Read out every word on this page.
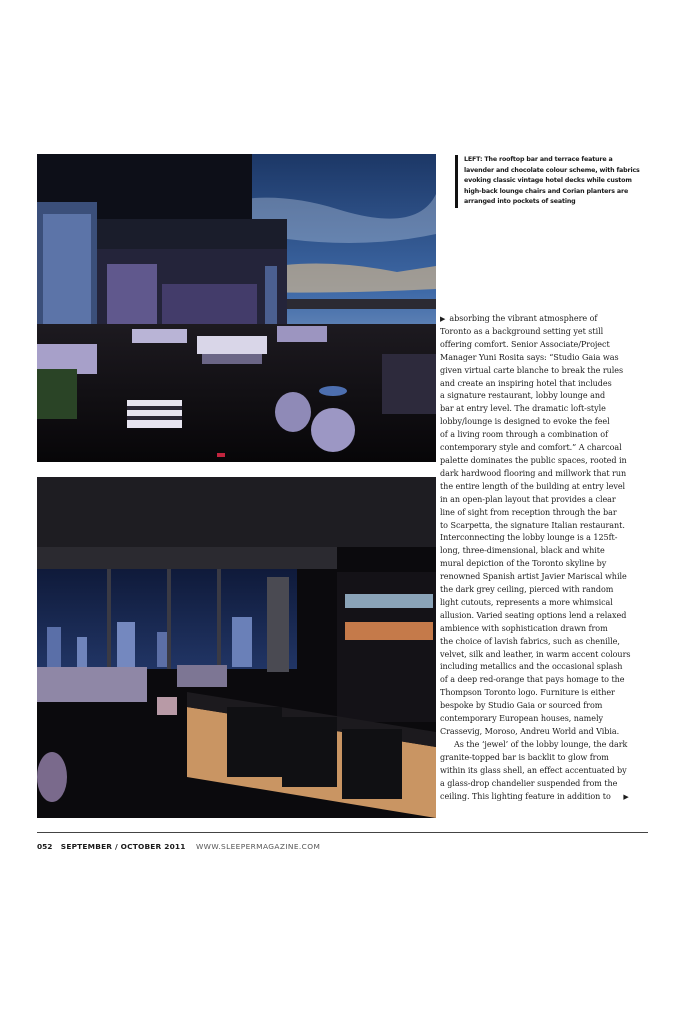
LEFT: The rooftop bar and terrace feature a lavender and chocolate colour scheme, with fabrics evoking classic vintage hotel decks while custom high-back lounge chairs and Corian planters are arranged into pockets of seating

▶ absorbing the vibrant atmosphere of
Toronto as a background setting yet still
offering comfort. Senior Associate/Project
Manager Yuni Rosita says: “Studio Gaia was
given virtual carte blanche to break the rules
and create an inspiring hotel that includes
a signature restaurant, lobby lounge and
bar at entry level. The dramatic loft-style
lobby/lounge is designed to evoke the feel
of a living room through a combination of
contemporary style and comfort.” A charcoal
palette dominates the public spaces, rooted in
dark hardwood flooring and millwork that run
the entire length of the building at entry level
in an open-plan layout that provides a clear
line of sight from reception through the bar
to Scarpetta, the signature Italian restaurant.
Interconnecting the lobby lounge is a 125ft-
long, three-dimensional, black and white
mural depiction of the Toronto skyline by
renowned Spanish artist Javier Mariscal while
the dark grey ceiling, pierced with random
light cutouts, represents a more whimsical
allusion. Varied seating options lend a relaxed
ambience with sophistication drawn from
the choice of lavish fabrics, such as chenille,
velvet, silk and leather, in warm accent colours
including metallics and the occasional splash
of a deep red-orange that pays homage to the
Thompson Toronto logo. Furniture is either
bespoke by Studio Gaia or sourced from
contemporary European houses, namely
Crassevig, Moroso, Andreu World and Vibia.

As the ‘jewel’ of the lobby lounge, the dark
granite-topped bar is backlit to glow from
within its glass shell, an effect accentuated by
a glass-drop chandelier suspended from the
ceiling. This lighting feature in addition to ▶

052 SEPTEMBER / OCTOBER 2011 WWW.SLEEPERMAGAZINE.COM
